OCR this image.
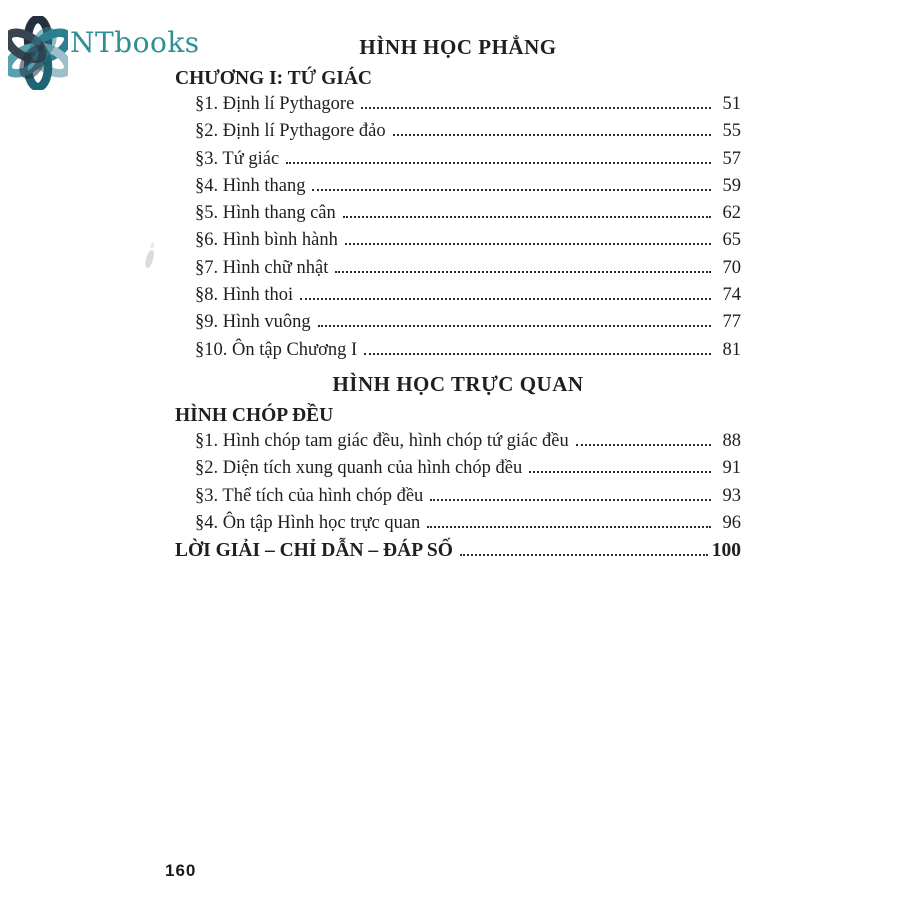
NTbooks	HÌNH HỌC PHẲNG
CHƯƠNG I: TỨ GIÁC
§1. Định lí Pythagore	51
§2. Định lí Pythagore đảo	55
§3. Tứ giác	57
§4. Hình thang	59
§5. Hình thang cân	62
§6. Hình bình hành	65
§7. Hình chữ nhật	70
§8. Hình thoi	74
§9. Hình vuông	77
§10. Ôn tập Chương I	81
HÌNH HỌC TRỰC QUAN
HÌNH CHÓP ĐỀU
§1. Hình chóp tam giác đều, hình chóp tứ giác đều	88
§2. Diện tích xung quanh của hình chóp đều	91
§3. Thể tích của hình chóp đều	93
§4. Ôn tập Hình học trực quan	96
LỜI GIẢI – CHỈ DẪN – ĐÁP SỐ	100
160
